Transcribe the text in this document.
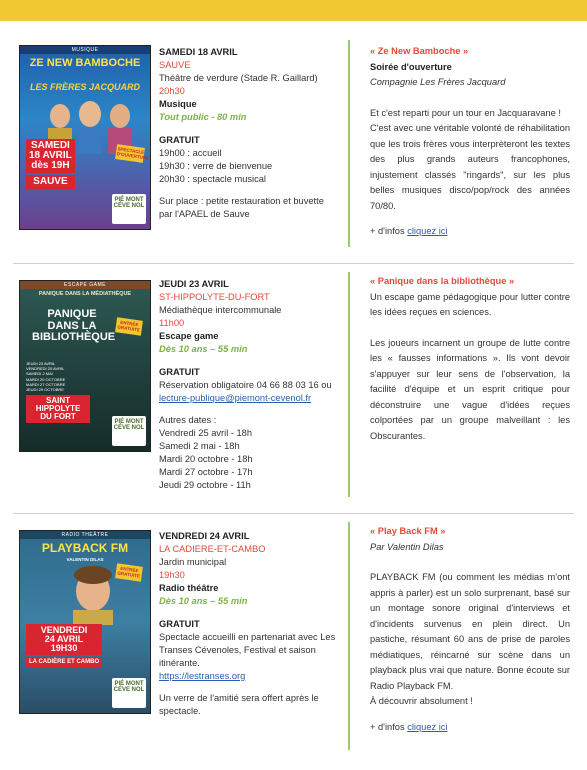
MUSIQUE
ZE NEW BAMBOCHE
LES FRÈRES JACQUARD
SAMEDI
18 AVRIL
dès 19H
SAUVE
SPECTACLE D'OUVERTURE
PIÉ MONT CÉVE NOL
SAMEDI 18 AVRIL
SAUVE
Théâtre de verdure (Stade R. Gaillard)
20h30
Musique
Tout public - 80 min
GRATUIT
19h00 : accueil
19h30 : verre de bienvenue
20h30 : spectacle musical
Sur place : petite restauration et buvette par l'APAEL de Sauve
« Ze New Bamboche »
Soirée d'ouverture
Compagnie Les Frères Jacquard
Et c'est reparti pour un tour en Jacquaravane !
C'est avec une véritable volonté de réhabilitation que les trois frères vous interprèteront les textes des plus grands auteurs francophones, injustement classés "ringards", sur les plus belles musiques disco/pop/rock des années 70/80.
+ d'infos cliquez ici
ESCAPE GAME
PANIQUE DANS LA MÉDIATHÈQUE
PANIQUE DANS LA BIBLIOTHÈQUE
JEUDI 23 AVRIL
VENDREDI 25 AVRIL
SAMEDI 2 MAI
MARDI 20 OCTOBRE
MARDI 27 OCTOBRE
JEUDI 29 OCTOBRE
SAINT HIPPOLYTE DU FORT
ENTRÉE GRATUITE
PIÉ MONT CÉVE NOL
JEUDI 23 AVRIL
ST-HIPPOLYTE-DU-FORT
Médiathèque intercommunale
11h00
Escape game
Dès 10 ans – 55 min
GRATUIT
Réservation obligatoire 04 66 88 03 16 ou lecture-publique@piemont-cevenol.fr
Autres dates :
Vendredi 25 avril - 18h
Samedi 2 mai - 18h
Mardi 20 octobre - 18h
Mardi 27 octobre - 17h
Jeudi 29 octobre - 11h
« Panique dans la bibliothèque »
Un escape game pédagogique pour lutter contre les idées reçues en sciences.
Les joueurs incarnent un groupe de lutte contre les « fausses informations ». Ils vont devoir s'appuyer sur leur sens de l'observation, la facilité d'équipe et un esprit critique pour déconstruire une vague d'idées reçues colportées par un groupe malveillant : les Obscurantes.
RADIO THÉÂTRE
PLAYBACK FM
VALENTIN DILAS
VENDREDI
24 AVRIL
19H30
LA CADIÈRE ET CAMBO
ENTRÉE GRATUITE
PIÉ MONT CÉVE NOL
VENDREDI 24 AVRIL
LA CADIERE-ET-CAMBO
Jardin municipal
19h30
Radio théâtre
Dès 10 ans – 55 min
GRATUIT
Spectacle accueilli en partenariat avec Les Transes Cévenoles, Festival et saison itinérante.
https://lestranses.org
Un verre de l'amitié sera offert après le spectacle.
« Play Back FM »
Par Valentin Dilas
PLAYBACK FM (ou comment les médias m'ont appris à parler) est un solo surprenant, basé sur un montage sonore original d'interviews et d'incidents survenus en plein direct. Un pastiche, résumant 60 ans de prise de paroles médiatiques, réincarné sur scène dans un playback plus vrai que nature. Bonne écoute sur Radio Playback FM.
À découvrir absolument !
+ d'infos cliquez ici
